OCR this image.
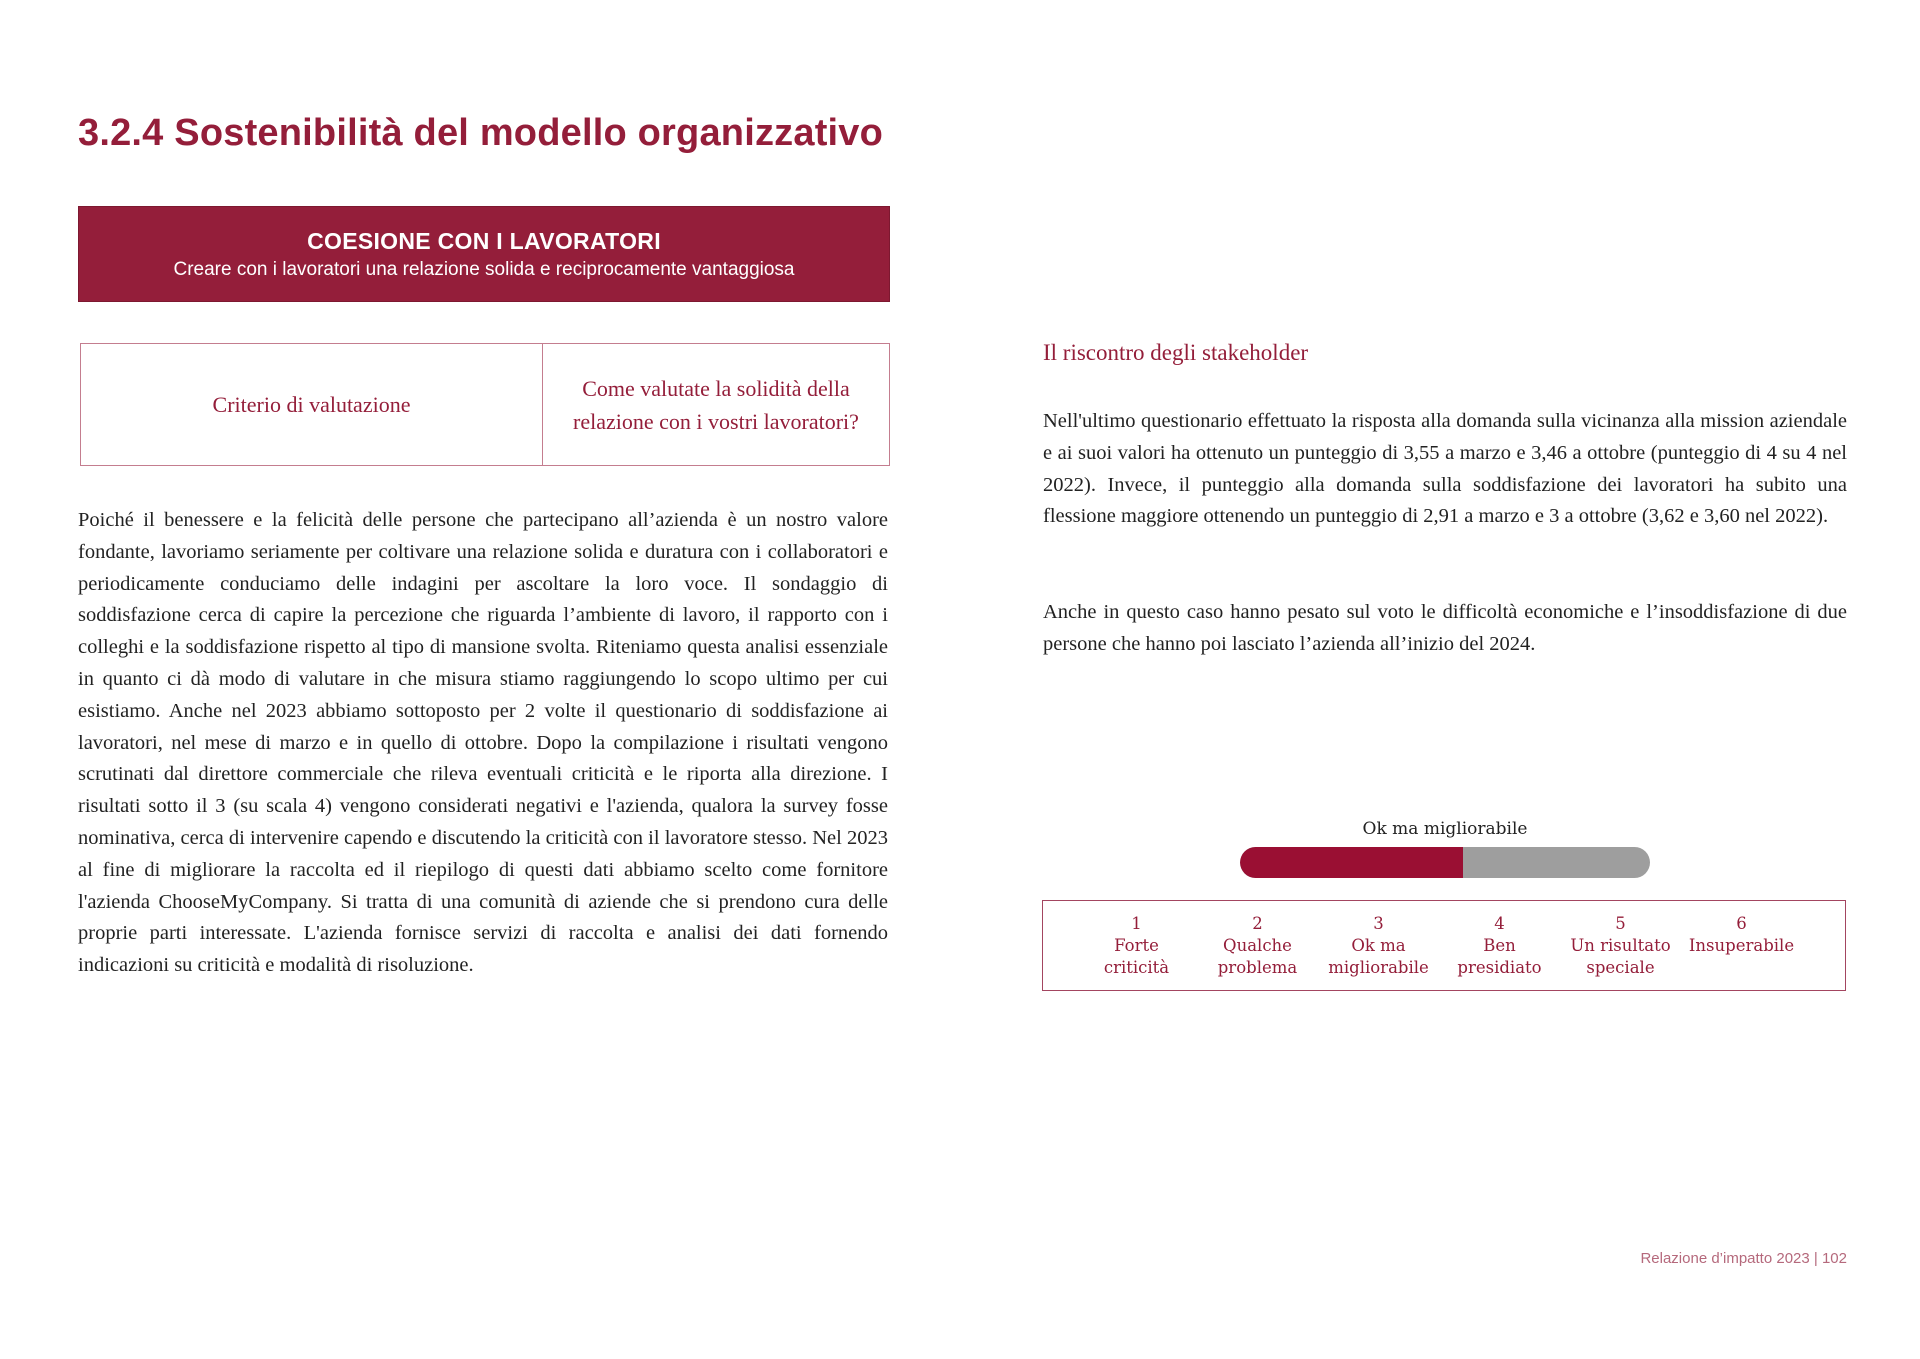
3.2.4 Sostenibilità del modello organizzativo
COESIONE CON I LAVORATORI
Creare con i lavoratori una relazione solida e reciprocamente vantaggiosa
Criterio di valutazione	Come valutate la solidità della relazione con i vostri lavoratori?

Poiché il benessere e la felicità delle persone che partecipano all’azienda è un nostro valore fondante, lavoriamo seriamente per coltivare una relazione solida e duratura con i collaboratori e periodicamente conduciamo delle indagini per ascoltare la loro voce. Il sondaggio di soddisfazione cerca di capire la percezione che riguarda l’ambiente di lavoro, il rapporto con i colleghi e la soddisfazione rispetto al tipo di mansione svolta. Riteniamo questa analisi essenziale in quanto ci dà modo di valutare in che misura stiamo raggiungendo lo scopo ultimo per cui esistiamo. Anche nel 2023 abbiamo sottoposto per 2 volte il questionario di soddisfazione ai lavoratori, nel mese di marzo e in quello di ottobre. Dopo la compilazione i risultati vengono scrutinati dal direttore commerciale che rileva eventuali criticità e le riporta alla direzione. I risultati sotto il 3 (su scala 4) vengono considerati negativi e l'azienda, qualora la survey fosse nominativa, cerca di intervenire capendo e discutendo la criticità con il lavoratore stesso. Nel 2023 al fine di migliorare la raccolta ed il riepilogo di questi dati abbiamo scelto come fornitore l'azienda ChooseMyCompany. Si tratta di una comunità di aziende che si prendono cura delle proprie parti interessate. L'azienda fornisce servizi di raccolta e analisi dei dati fornendo indicazioni su criticità e modalità di risoluzione.

Il riscontro degli stakeholder

Nell'ultimo questionario effettuato la risposta alla domanda sulla vicinanza alla mission aziendale e ai suoi valori ha ottenuto un punteggio di 3,55 a marzo e 3,46 a ottobre (punteggio di 4 su 4 nel 2022). Invece, il punteggio alla domanda sulla soddisfazione dei lavoratori ha subito una flessione maggiore ottenendo un punteggio di 2,91 a marzo e 3 a ottobre (3,62 e 3,60 nel 2022).

Anche in questo caso hanno pesato sul voto le difficoltà economiche e l’insoddisfazione di due persone che hanno poi lasciato l’azienda all’inizio del 2024.

Ok ma migliorabile
1
Forte
criticità
2
Qualche
problema
3
Ok ma
migliorabile
4
Ben
presidiato
5
Un risultato
speciale
6
Insuperabile
Relazione d’impatto 2023 | 102
